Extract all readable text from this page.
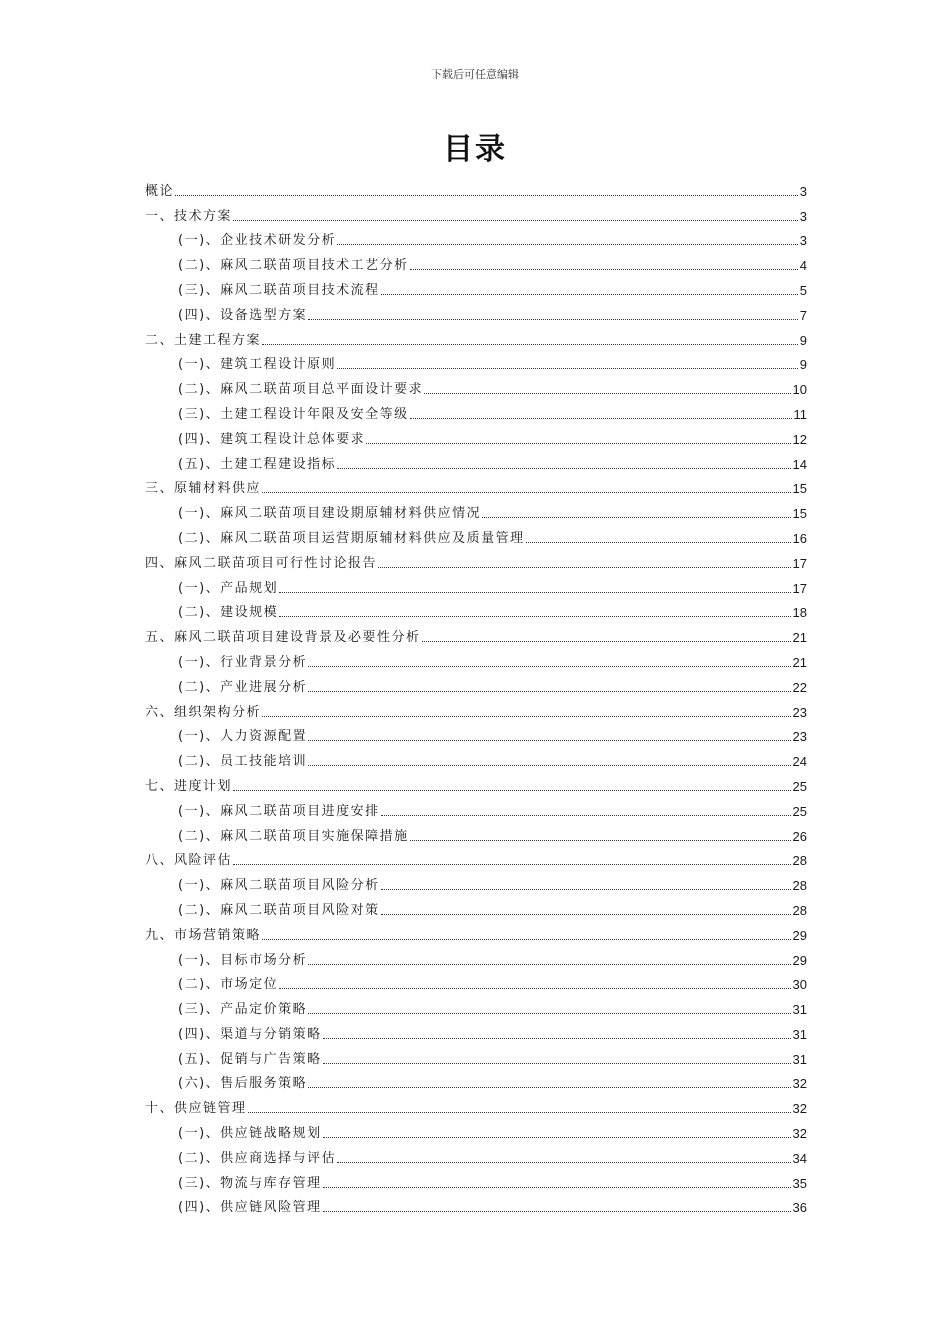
下载后可任意编辑
目录
概论	3
一、技术方案	3
(一)、企业技术研发分析	3
(二)、麻风二联苗项目技术工艺分析	4
(三)、麻风二联苗项目技术流程	5
(四)、设备选型方案	7
二、土建工程方案	9
(一)、建筑工程设计原则	9
(二)、麻风二联苗项目总平面设计要求	10
(三)、土建工程设计年限及安全等级	11
(四)、建筑工程设计总体要求	12
(五)、土建工程建设指标	14
三、原辅材料供应	15
(一)、麻风二联苗项目建设期原辅材料供应情况	15
(二)、麻风二联苗项目运营期原辅材料供应及质量管理	16
四、麻风二联苗项目可行性讨论报告	17
(一)、产品规划	17
(二)、建设规模	18
五、麻风二联苗项目建设背景及必要性分析	21
(一)、行业背景分析	21
(二)、产业进展分析	22
六、组织架构分析	23
(一)、人力资源配置	23
(二)、员工技能培训	24
七、进度计划	25
(一)、麻风二联苗项目进度安排	25
(二)、麻风二联苗项目实施保障措施	26
八、风险评估	28
(一)、麻风二联苗项目风险分析	28
(二)、麻风二联苗项目风险对策	28
九、市场营销策略	29
(一)、目标市场分析	29
(二)、市场定位	30
(三)、产品定价策略	31
(四)、渠道与分销策略	31
(五)、促销与广告策略	31
(六)、售后服务策略	32
十、供应链管理	32
(一)、供应链战略规划	32
(二)、供应商选择与评估	34
(三)、物流与库存管理	35
(四)、供应链风险管理	36
